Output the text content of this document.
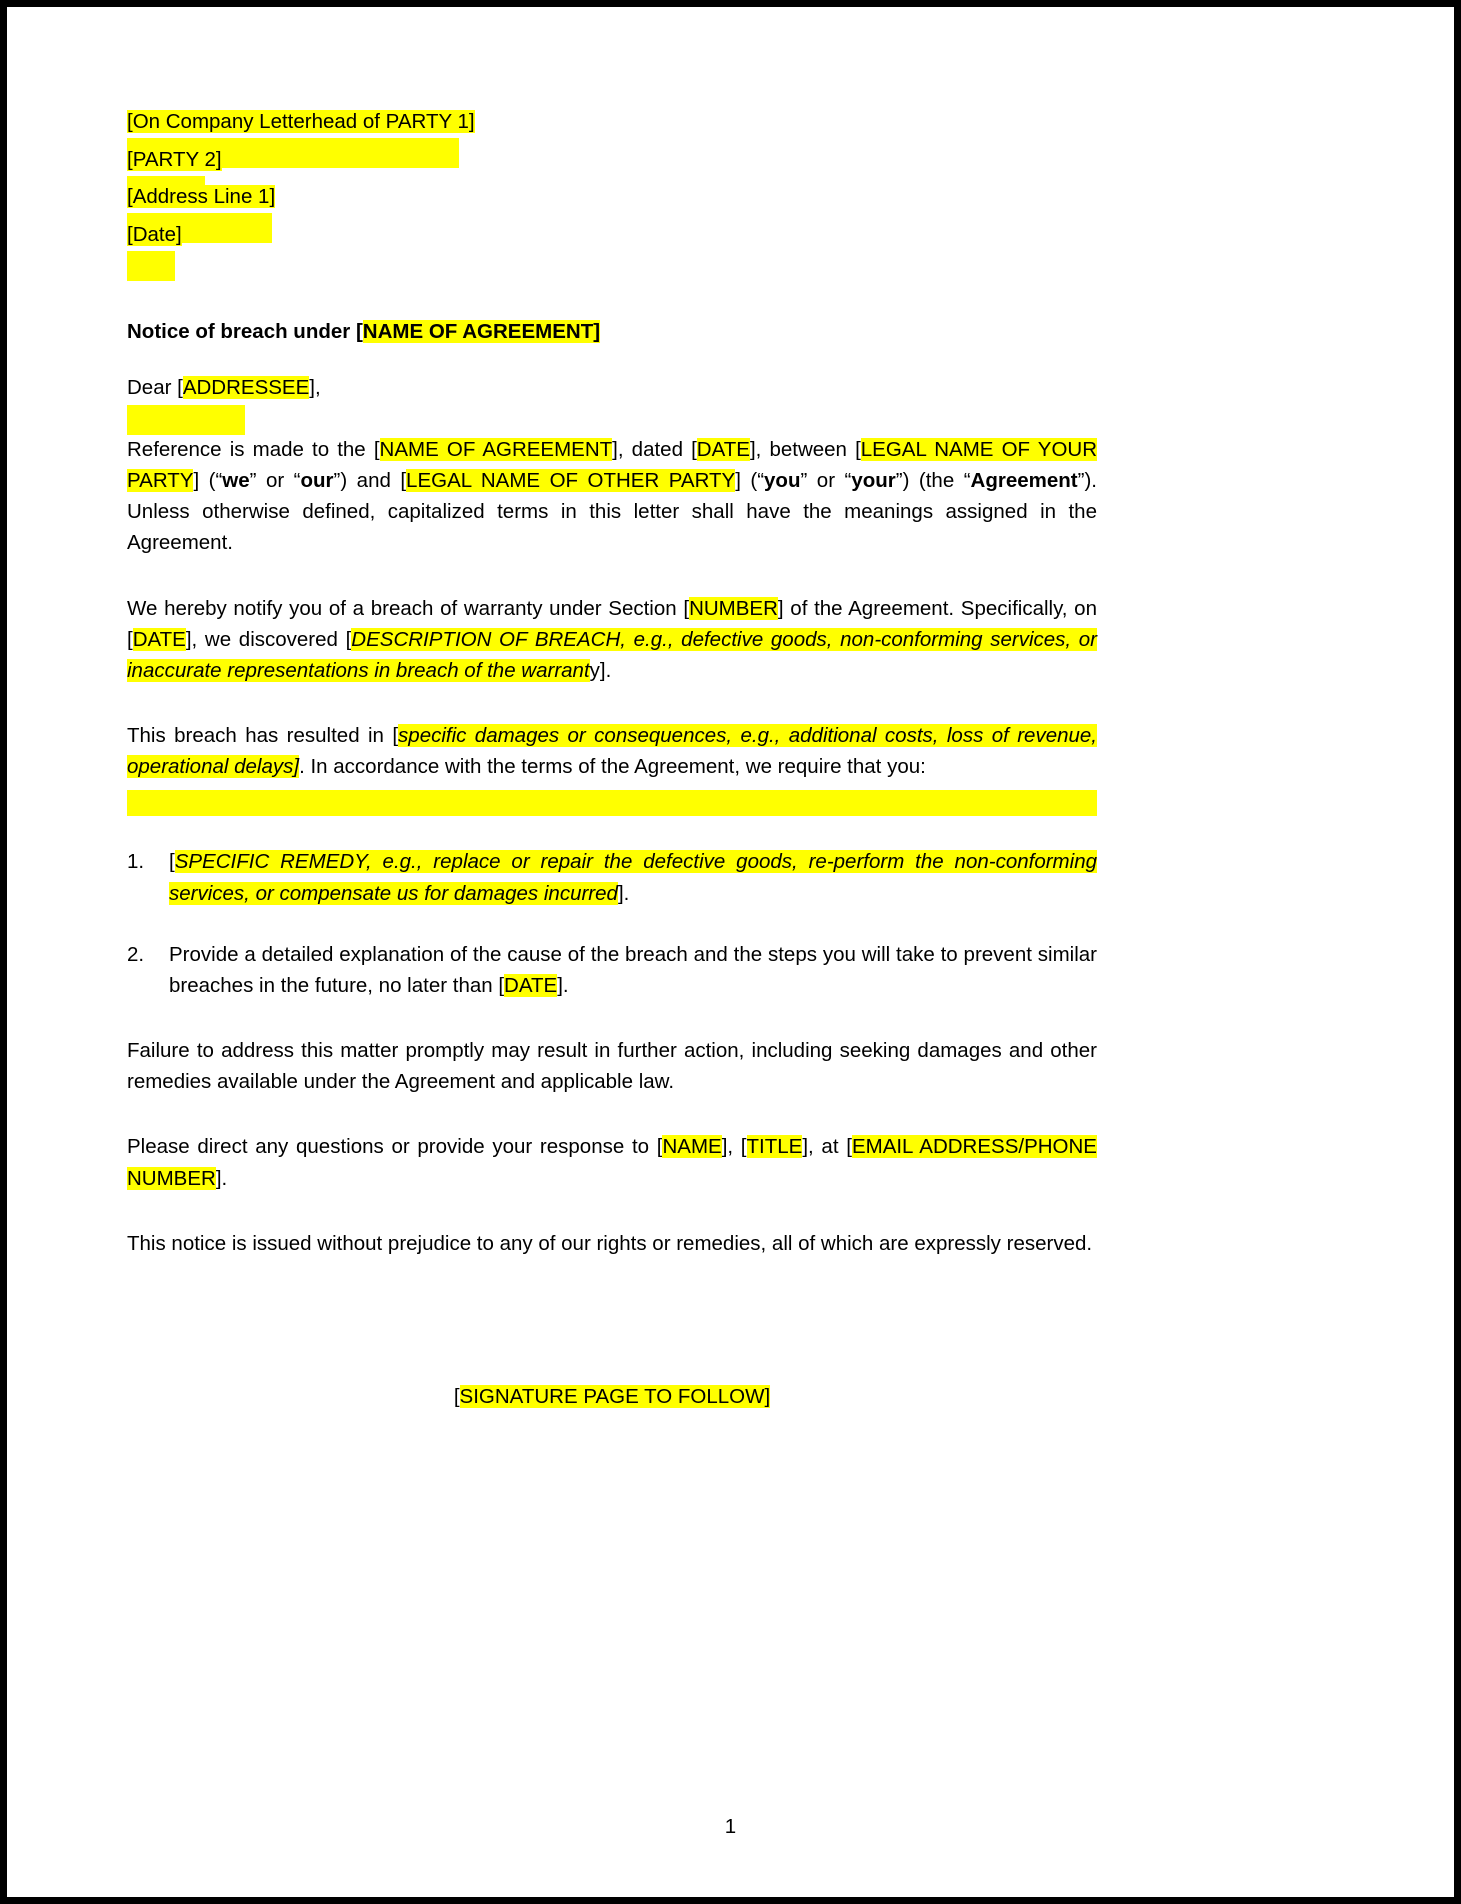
[On Company Letterhead of PARTY 1]
[PARTY 2]
[Address Line 1]
[Date]
Notice of breach under [NAME OF AGREEMENT]
Dear [ADDRESSEE],

Reference is made to the [NAME OF AGREEMENT], dated [DATE], between [LEGAL NAME OF YOUR PARTY] (“we” or “our”) and [LEGAL NAME OF OTHER PARTY] (“you” or “your”) (the “Agreement”). Unless otherwise defined, capitalized terms in this letter shall have the meanings assigned in the Agreement.

We hereby notify you of a breach of warranty under Section [NUMBER] of the Agreement. Specifically, on [DATE], we discovered [DESCRIPTION OF BREACH, e.g., defective goods, non-conforming services, or inaccurate representations in breach of the warranty].

This breach has resulted in [specific damages or consequences, e.g., additional costs, loss of revenue, operational delays]. In accordance with the terms of the Agreement, we require that you:

1.	[SPECIFIC REMEDY, e.g., replace or repair the defective goods, re-perform the non-conforming services, or compensate us for damages incurred].
2.	Provide a detailed explanation of the cause of the breach and the steps you will take to prevent similar breaches in the future, no later than [DATE].

Failure to address this matter promptly may result in further action, including seeking damages and other remedies available under the Agreement and applicable law.

Please direct any questions or provide your response to [NAME], [TITLE], at [EMAIL ADDRESS/PHONE NUMBER].

This notice is issued without prejudice to any of our rights or remedies, all of which are expressly reserved.

[SIGNATURE PAGE TO FOLLOW]
1
